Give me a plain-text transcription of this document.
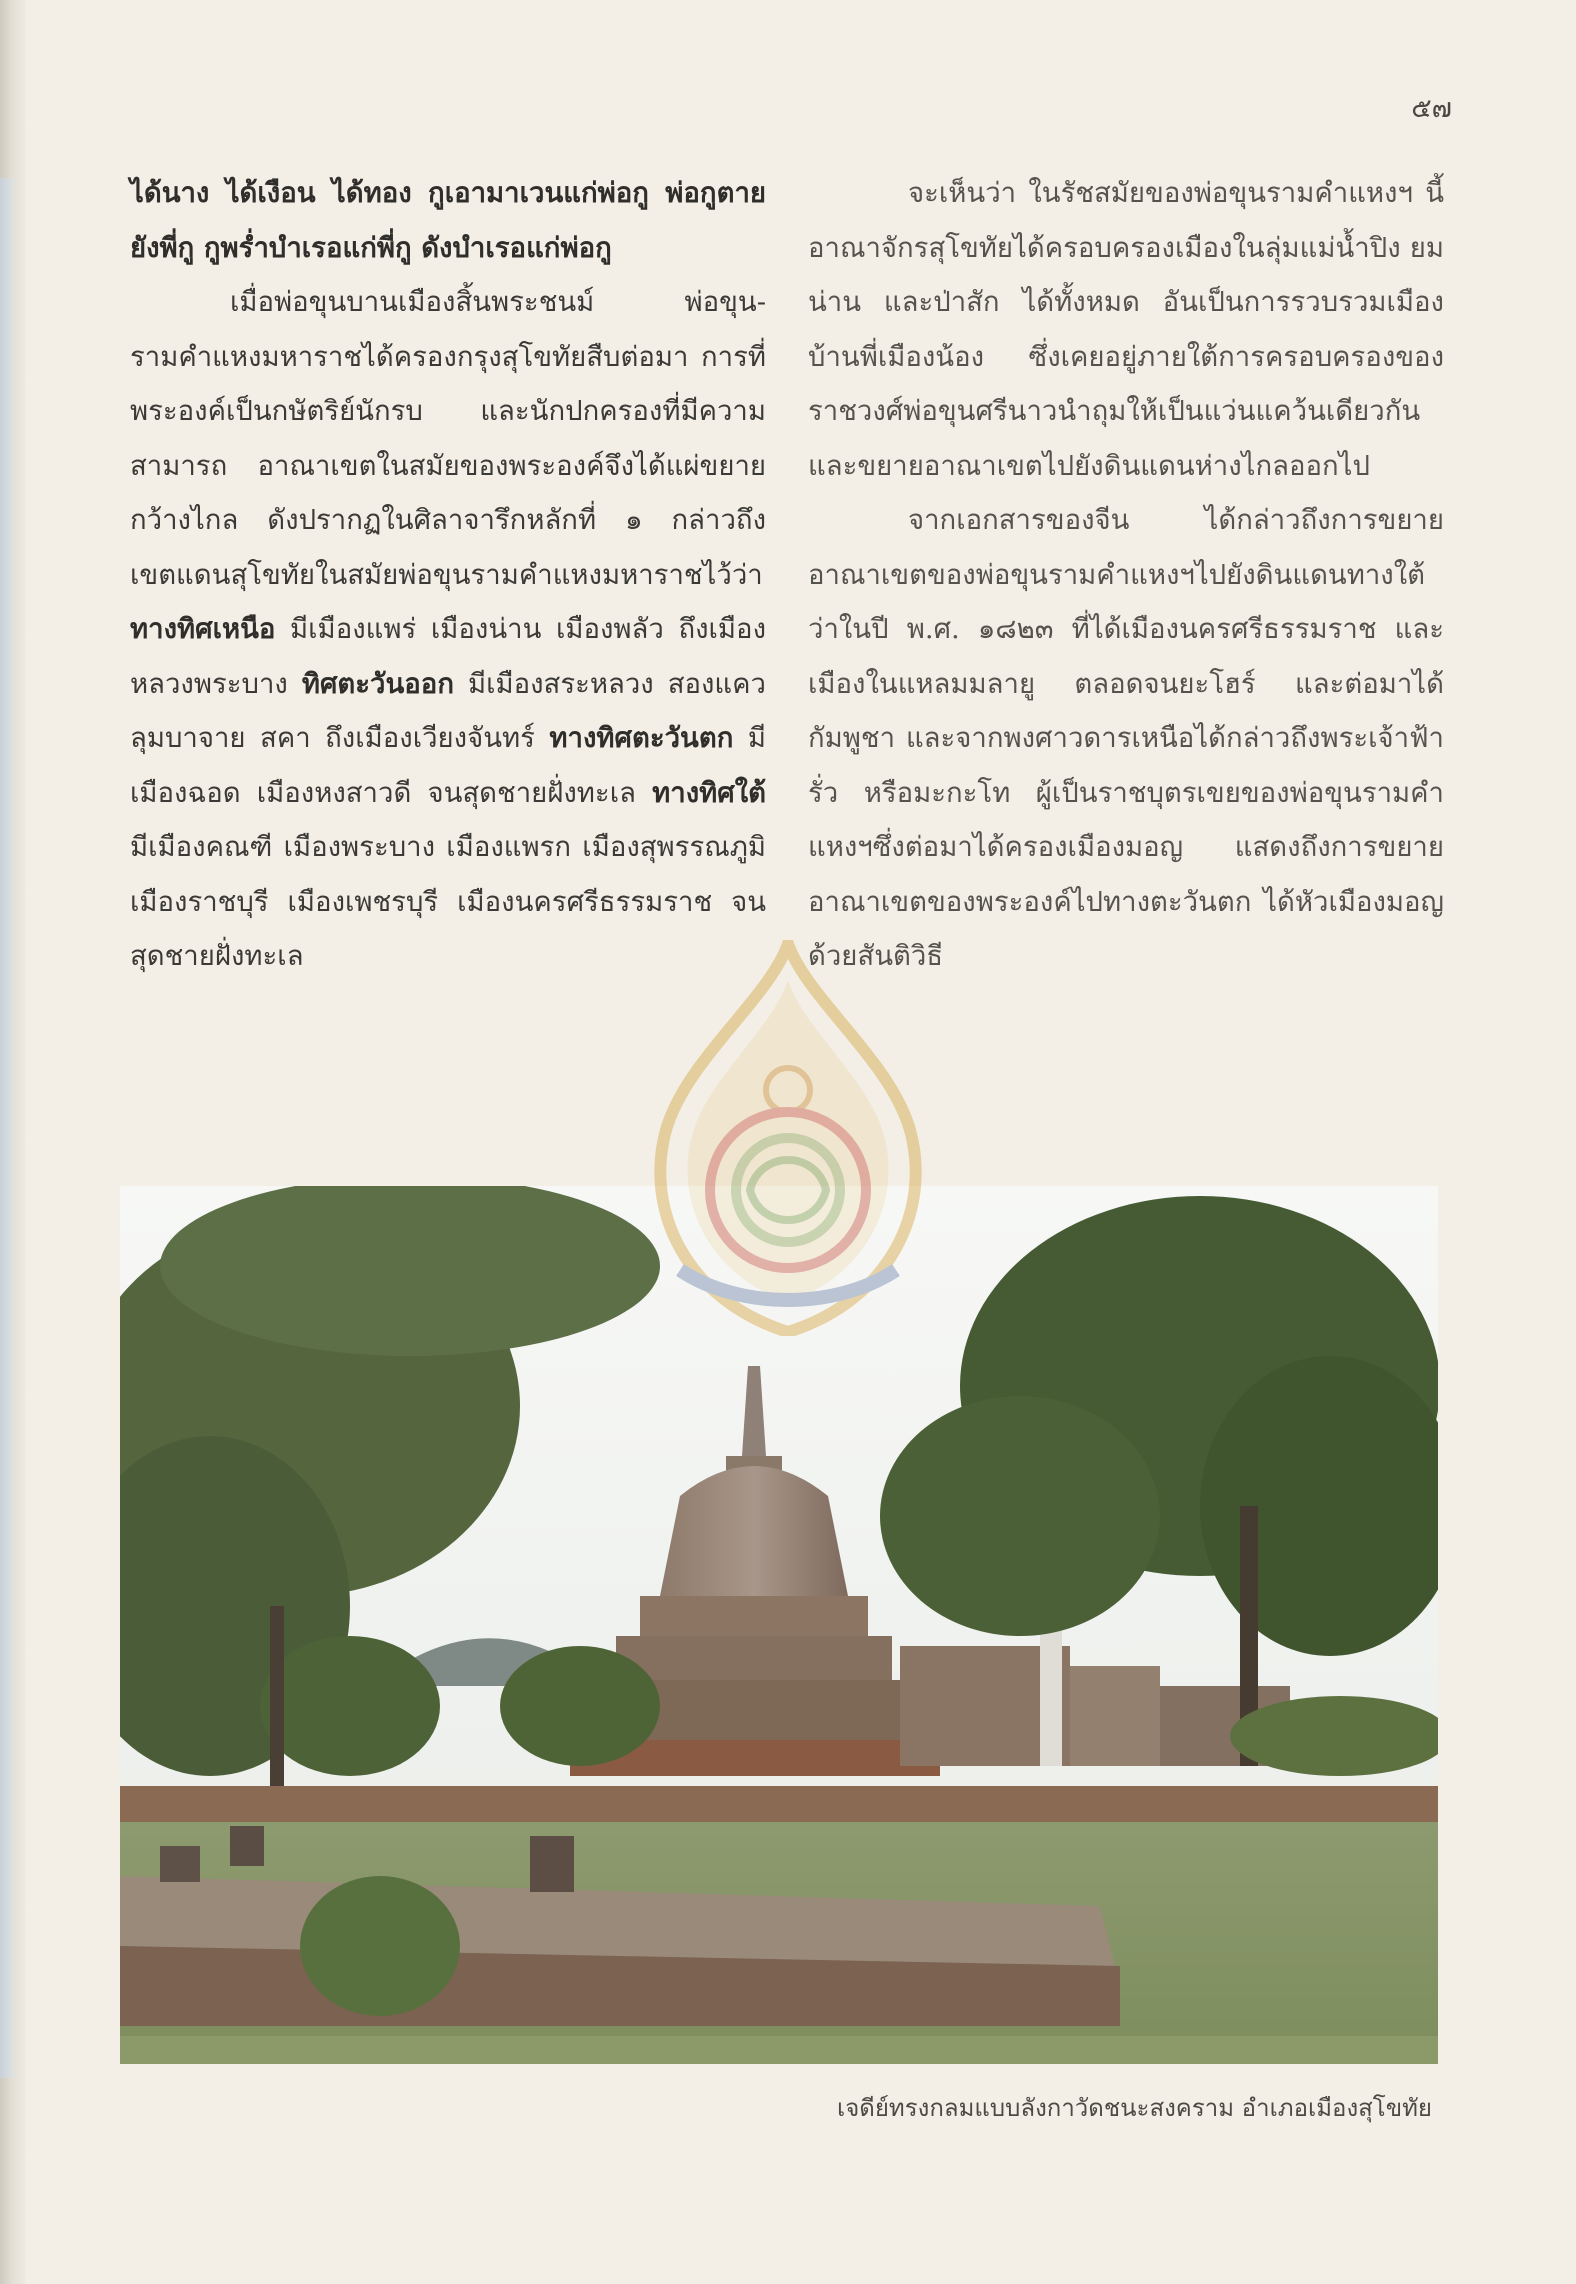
๕๗

ได้นาง ได้เงือน ได้ทอง กูเอามาเวนแก่พ่อกู พ่อกูตายยังพี่กู กูพร่ำบำเรอแก่พี่กู ดังบำเรอแก่พ่อกู

เมื่อพ่อขุนบานเมืองสิ้นพระชนม์ พ่อขุน-รามคำแหงมหาราชได้ครองกรุงสุโขทัยสืบต่อมา การที่พระองค์เป็นกษัตริย์นักรบ และนักปกครองที่มีความสามารถ อาณาเขตในสมัยของพระองค์จึงได้แผ่ขยายกว้างไกล ดังปรากฏในศิลาจารึกหลักที่ ๑ กล่าวถึงเขตแดนสุโขทัยในสมัยพ่อขุนรามคำแหงมหาราชไว้ว่า ทางทิศเหนือ มีเมืองแพร่ เมืองน่าน เมืองพลัว ถึงเมืองหลวงพระบาง ทิศตะวันออก มีเมืองสระหลวง สองแคว ลุมบาจาย สคา ถึงเมืองเวียงจันทร์ ทางทิศตะวันตก มีเมืองฉอด เมืองหงสาวดี จนสุดชายฝั่งทะเล ทางทิศใต้ มีเมืองคณฑี เมืองพระบาง เมืองแพรก เมืองสุพรรณภูมิ เมืองราชบุรี เมืองเพชรบุรี เมืองนครศรีธรรมราช จนสุดชายฝั่งทะเล

จะเห็นว่า ในรัชสมัยของพ่อขุนรามคำแหงฯ นี้ อาณาจักรสุโขทัยได้ครอบครองเมืองในลุ่มแม่น้ำปิง ยม น่าน และป่าสัก ได้ทั้งหมด อันเป็นการรวบรวมเมืองบ้านพี่เมืองน้อง ซึ่งเคยอยู่ภายใต้การครอบครองของราชวงศ์พ่อขุนศรีนาวนำถุมให้เป็นแว่นแคว้นเดียวกัน และขยายอาณาเขตไปยังดินแดนห่างไกลออกไป

จากเอกสารของจีน ได้กล่าวถึงการขยายอาณาเขตของพ่อขุนรามคำแหงฯไปยังดินแดนทางใต้ว่าในปี พ.ศ. ๑๘๒๓ ที่ได้เมืองนครศรีธรรมราช และเมืองในแหลมมลายู ตลอดจนยะโฮร์ และต่อมาได้กัมพูชา และจากพงศาวดารเหนือได้กล่าวถึงพระเจ้าฟ้ารั่ว หรือมะกะโท ผู้เป็นราชบุตรเขยของพ่อขุนรามคำแหงฯซึ่งต่อมาได้ครองเมืองมอญ แสดงถึงการขยายอาณาเขตของพระองค์ไปทางตะวันตก ได้หัวเมืองมอญด้วยสันติวิธี

เจดีย์ทรงกลมแบบลังกาวัดชนะสงคราม อำเภอเมืองสุโขทัย
